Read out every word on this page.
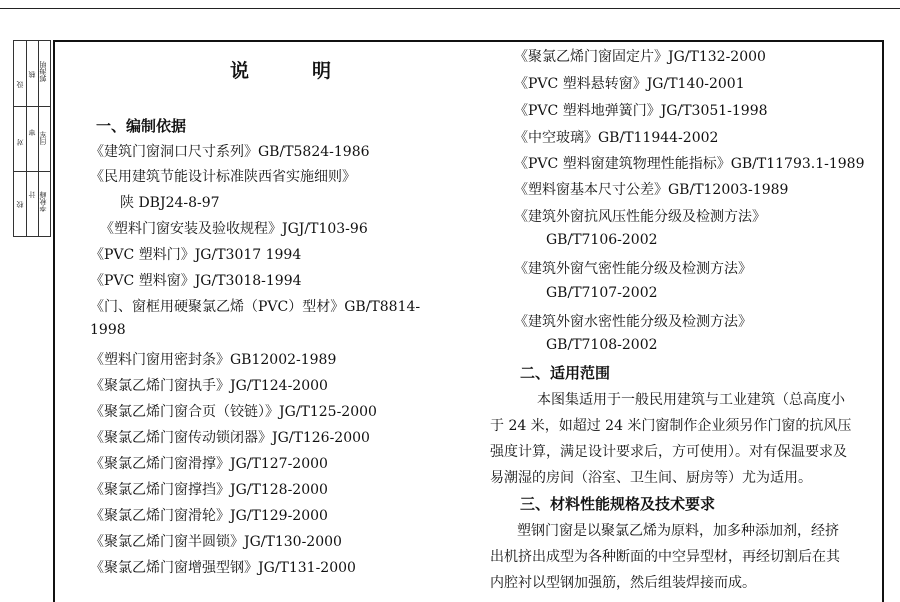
校
对
设
计
审
核
李秋峰
闫军
郭海明	说　明
一、编制依据
《建筑门窗洞口尺寸系列》GB/T5824-1986
《民用建筑节能设计标准陕西省实施细则》
陕 DBJ24-8-97
《塑料门窗安装及验收规程》JGJ/T103-96
《PVC 塑料门》JG/T3017 1994
《PVC 塑料窗》JG/T3018-1994
《门、窗框用硬聚氯乙烯（PVC）型材》GB/T8814-
1998
《塑料门窗用密封条》GB12002-1989
《聚氯乙烯门窗执手》JG/T124-2000
《聚氯乙烯门窗合页（铰链）》JG/T125-2000
《聚氯乙烯门窗传动锁闭器》JG/T126-2000
《聚氯乙烯门窗滑撑》JG/T127-2000
《聚氯乙烯门窗撑挡》JG/T128-2000
《聚氯乙烯门窗滑轮》JG/T129-2000
《聚氯乙烯门窗半圆锁》JG/T130-2000
《聚氯乙烯门窗增强型钢》JG/T131-2000
《聚氯乙烯门窗固定片》JG/T132-2000
《PVC 塑料悬转窗》JG/T140-2001
《PVC 塑料地弹簧门》JG/T3051-1998
《中空玻璃》GB/T11944-2002
《PVC 塑料窗建筑物理性能指标》GB/T11793.1-1989
《塑料窗基本尺寸公差》GB/T12003-1989
《建筑外窗抗风压性能分级及检测方法》
GB/T7106-2002
《建筑外窗气密性能分级及检测方法》
GB/T7107-2002
《建筑外窗水密性能分级及检测方法》
GB/T7108-2002
二、适用范围
本图集适用于一般民用建筑与工业建筑（总高度小
于 24 米，如超过 24 米门窗制作企业须另作门窗的抗风压
强度计算，满足设计要求后，方可使用）。对有保温要求及
易潮湿的房间（浴室、卫生间、厨房等）尤为适用。
三、材料性能规格及技术要求
塑钢门窗是以聚氯乙烯为原料，加多种添加剂，经挤
出机挤出成型为各种断面的中空异型材，再经切割后在其
内腔衬以型钢加强筋，然后组装焊接而成。
